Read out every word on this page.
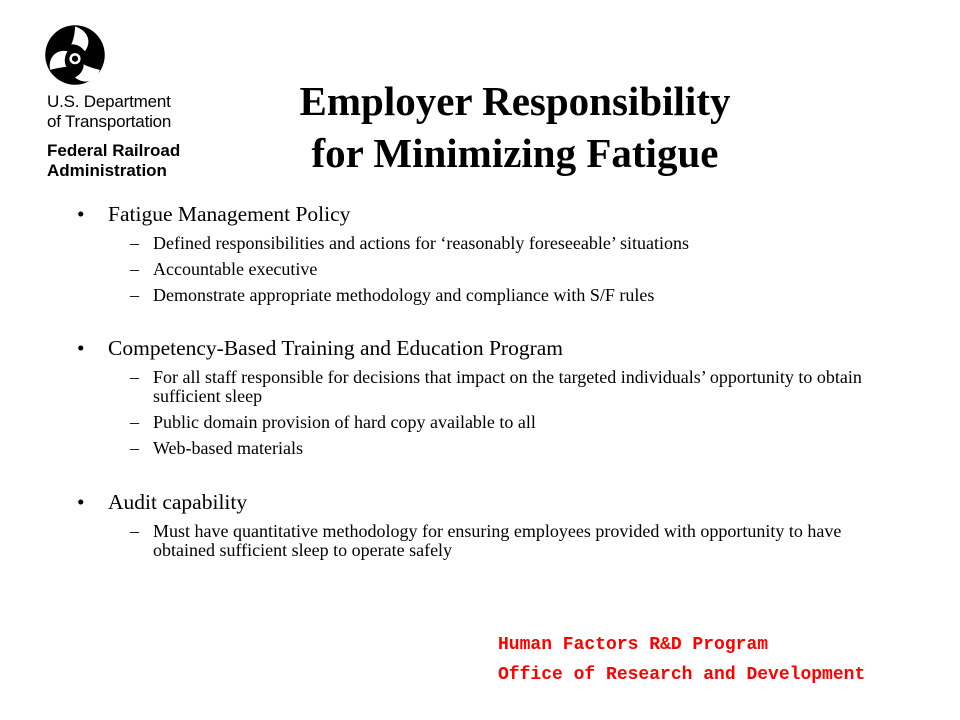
U.S. Department
of Transportation
Federal Railroad
Administration
Employer Responsibility
for Minimizing Fatigue
• Fatigue Management Policy
– Defined responsibilities and actions for ‘reasonably foreseeable’ situations
– Accountable executive
– Demonstrate appropriate methodology and compliance with S/F rules
• Competency-Based Training and Education Program
– For all staff responsible for decisions that impact on the targeted individuals’ opportunity to obtain sufficient sleep
– Public domain provision of hard copy available to all
– Web-based materials
• Audit capability
– Must have quantitative methodology for ensuring employees provided with opportunity to have obtained sufficient sleep to operate safely
Human Factors R&D Program
Office of Research and Development
